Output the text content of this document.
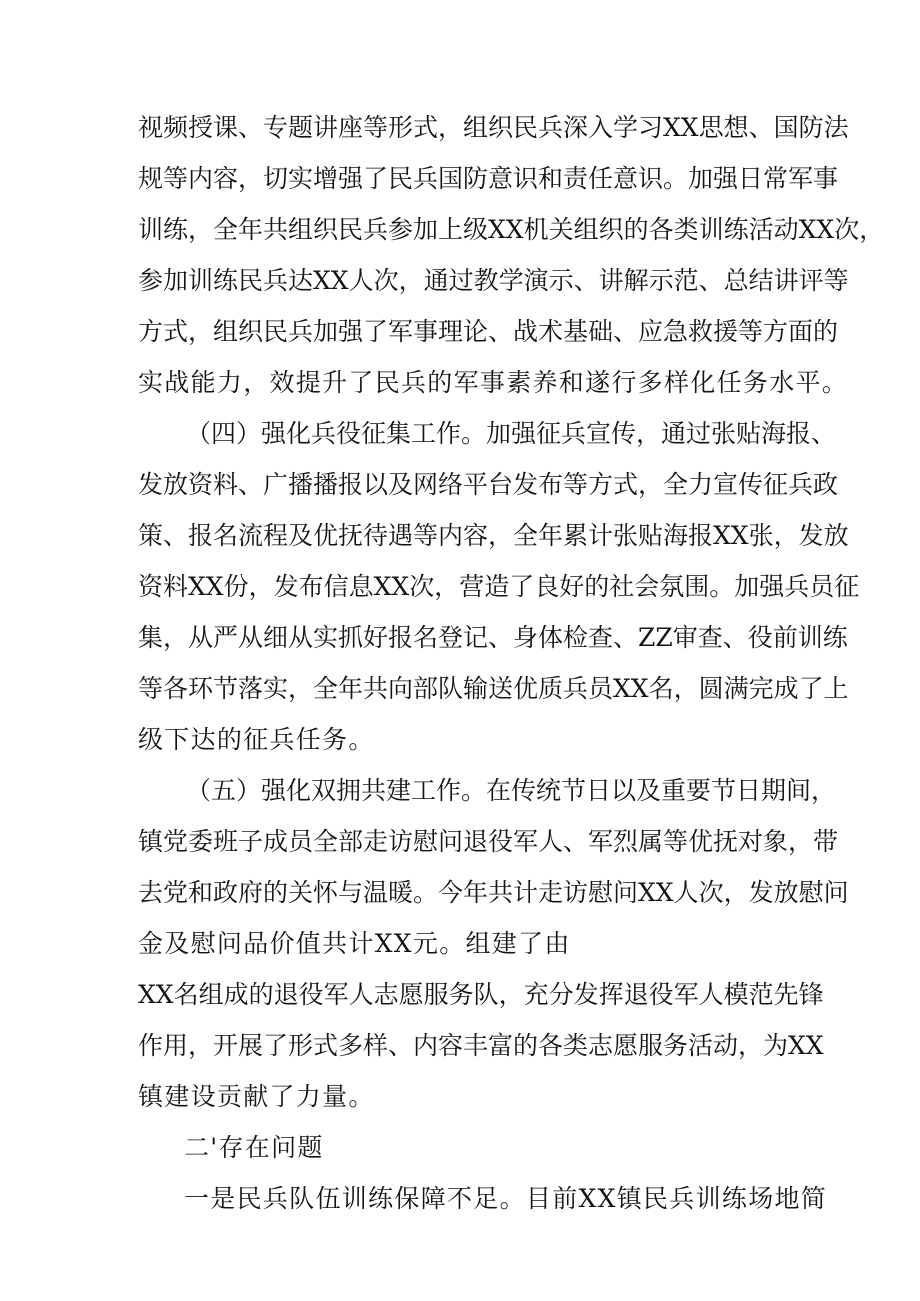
视频授课、专题讲座等形式，组织民兵深入学习XX思想、国防法
规等内容，切实增强了民兵国防意识和责任意识。加强日常军事
训练，全年共组织民兵参加上级XX机关组织的各类训练活动XX次，
参加训练民兵达XX人次，通过教学演示、讲解示范、总结讲评等
方式，组织民兵加强了军事理论、战术基础、应急救援等方面的
实战能力，效提升了民兵的军事素养和遂行多样化任务水平。
（四）强化兵役征集工作。加强征兵宣传，通过张贴海报、
发放资料、广播播报以及网络平台发布等方式，全力宣传征兵政
策、报名流程及优抚待遇等内容，全年累计张贴海报XX张，发放
资料XX份，发布信息XX次，营造了良好的社会氛围。加强兵员征
集，从严从细从实抓好报名登记、身体检查、ZZ审查、役前训练
等各环节落实，全年共向部队输送优质兵员XX名，圆满完成了上
级下达的征兵任务。
（五）强化双拥共建工作。在传统节日以及重要节日期间，
镇党委班子成员全部走访慰问退役军人、军烈属等优抚对象，带
去党和政府的关怀与温暖。今年共计走访慰问XX人次，发放慰问
金及慰问品价值共计XX元。组建了由
XX名组成的退役军人志愿服务队，充分发挥退役军人模范先锋
作用，开展了形式多样、内容丰富的各类志愿服务活动，为XX
镇建设贡献了力量。
二'存在问题
一是民兵队伍训练保障不足。目前XX镇民兵训练场地简
